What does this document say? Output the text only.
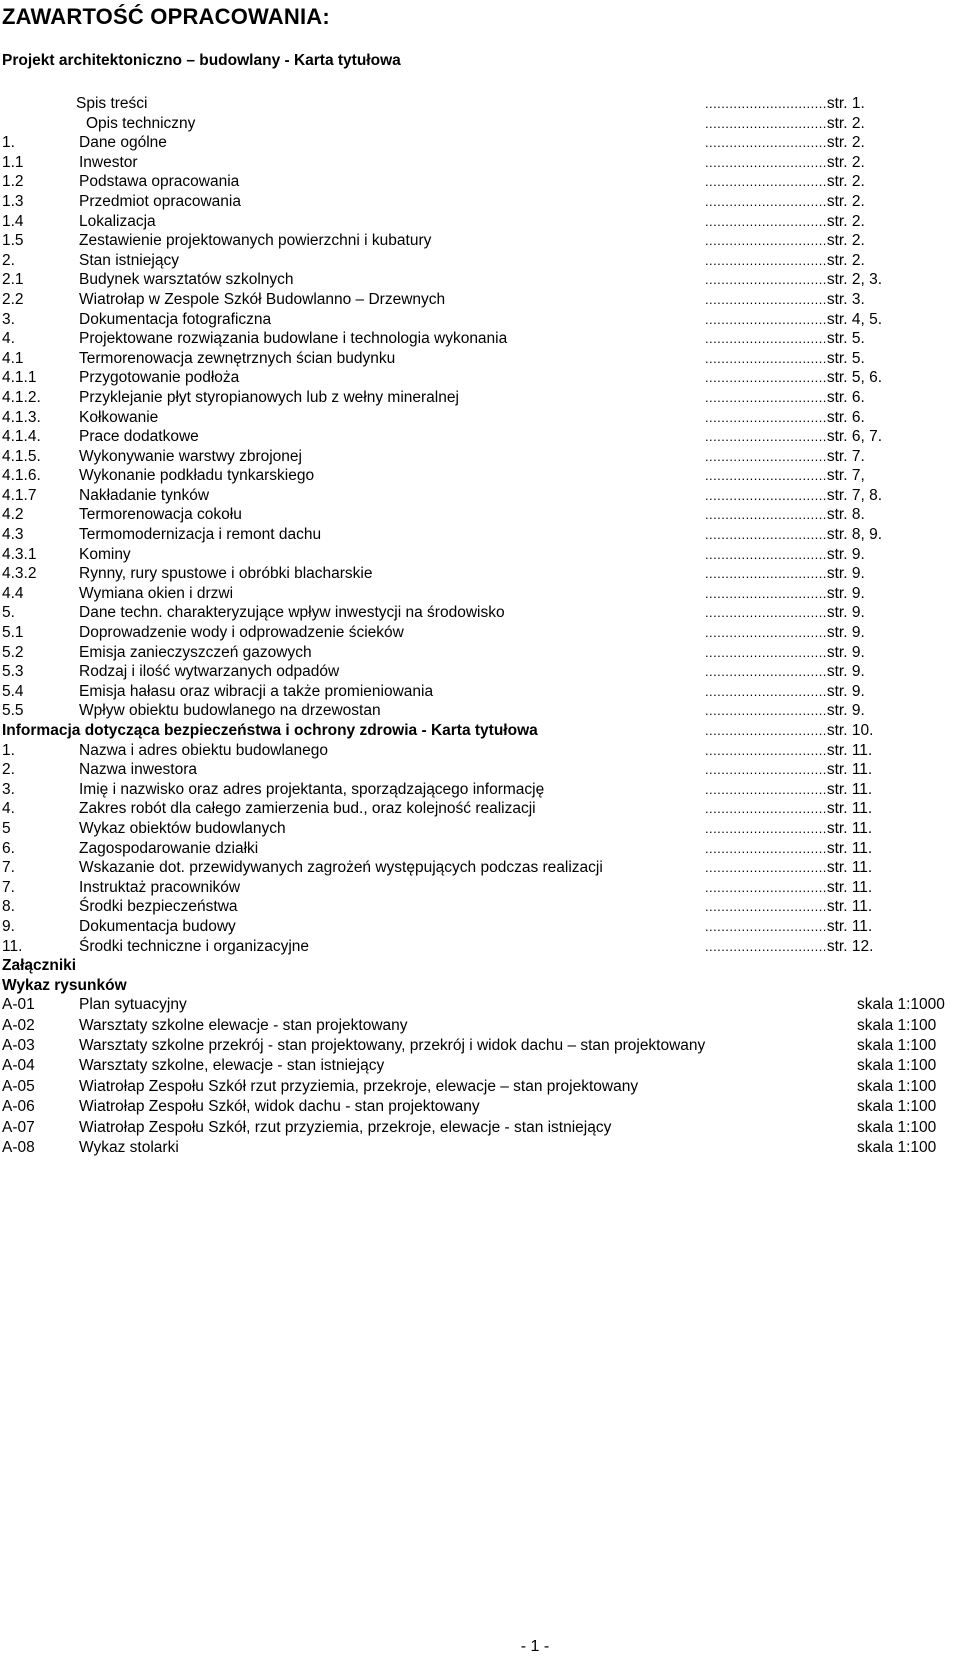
ZAWARTOŚĆ OPRACOWANIA:
Projekt architektoniczno – budowlany - Karta tytułowa
Spis treści	..............................str. 1.
Opis techniczny	..............................str. 2.
1.	Dane ogólne	..............................str. 2.
1.1	Inwestor	..............................str. 2.
1.2	Podstawa opracowania	..............................str. 2.
1.3	Przedmiot opracowania	..............................str. 2.
1.4	Lokalizacja	..............................str. 2.
1.5	Zestawienie projektowanych powierzchni i kubatury	..............................str. 2.
2.	Stan istniejący	..............................str. 2.
2.1	Budynek warsztatów szkolnych	..............................str. 2, 3.
2.2	Wiatrołap w Zespole Szkół Budowlanno – Drzewnych	..............................str. 3.
3.	Dokumentacja fotograficzna	..............................str. 4, 5.
4.	Projektowane rozwiązania budowlane i technologia wykonania	..............................str. 5.
4.1	Termorenowacja zewnętrznych ścian budynku	..............................str. 5.
4.1.1	Przygotowanie podłoża	..............................str. 5, 6.
4.1.2. Przyklejanie płyt styropianowych lub z wełny mineralnej	..............................str. 6.
4.1.3. Kołkowanie	..............................str. 6.
4.1.4. Prace dodatkowe	..............................str. 6, 7.
4.1.5. Wykonywanie warstwy zbrojonej	..............................str. 7.
4.1.6. Wykonanie podkładu tynkarskiego	..............................str. 7,
4.1.7	Nakładanie tynków	..............................str. 7, 8.
4.2	Termorenowacja cokołu	..............................str. 8.
4.3	Termomodernizacja i remont dachu	..............................str. 8, 9.
4.3.1	Kominy	..............................str. 9.
4.3.2	Rynny, rury spustowe i obróbki blacharskie	..............................str. 9.
4.4	Wymiana okien i drzwi	..............................str. 9.
5.	Dane techn. charakteryzujące wpływ inwestycji na środowisko	..............................str. 9.
5.1	Doprowadzenie wody i odprowadzenie ścieków	..............................str. 9.
5.2	Emisja zanieczyszczeń gazowych	..............................str. 9.
5.3	Rodzaj i ilość wytwarzanych odpadów	..............................str. 9.
5.4	Emisja hałasu oraz wibracji a także promieniowania	..............................str. 9.
5.5	Wpływ obiektu budowlanego na drzewostan	..............................str. 9.
Informacja dotycząca bezpieczeństwa i ochrony zdrowia - Karta tytułowa	..............................str. 10.
1.	Nazwa i adres obiektu budowlanego	..............................str. 11.
2.	Nazwa inwestora	..............................str. 11.
3.	Imię i nazwisko oraz adres projektanta, sporządzającego informację	..............................str. 11.
4.	Zakres robót dla całego zamierzenia bud., oraz kolejność realizacji	..............................str. 11.
5	Wykaz obiektów budowlanych	..............................str. 11.
6.	Zagospodarowanie działki	..............................str. 11.
7.	Wskazanie dot. przewidywanych zagrożeń występujących podczas realizacji	..............................str. 11.
7.	Instruktaż pracowników	..............................str. 11.
8.	Środki bezpieczeństwa	..............................str. 11.
9.	Dokumentacja budowy	..............................str. 11.
11.	Środki techniczne i organizacyjne	..............................str. 12.
Załączniki
Wykaz rysunków
A-01	Plan sytuacyjny	skala 1:1000
A-02	Warsztaty szkolne elewacje - stan projektowany	skala 1:100
A-03	Warsztaty szkolne przekrój - stan projektowany, przekrój i widok dachu – stan projektowany	skala 1:100
A-04	Warsztaty szkolne, elewacje - stan istniejący	skala 1:100
A-05	Wiatrołap Zespołu Szkół rzut przyziemia, przekroje, elewacje – stan projektowany	skala 1:100
A-06	Wiatrołap Zespołu Szkół, widok dachu - stan projektowany	skala 1:100
A-07	Wiatrołap Zespołu Szkół, rzut przyziemia, przekroje, elewacje - stan istniejący	skala 1:100
A-08	Wykaz stolarki	skala 1:100
- 1 -
